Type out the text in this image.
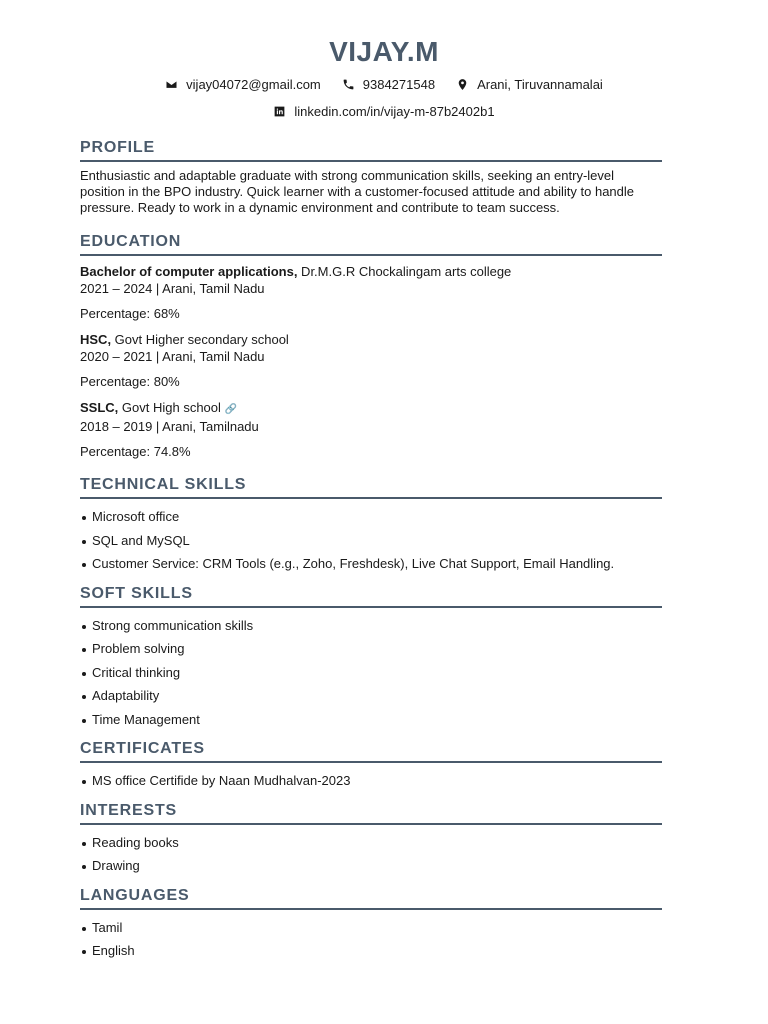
VIJAY.M
vijay04072@gmail.com	9384271548	Arani, Tiruvannamalai
linkedin.com/in/vijay-m-87b2402b1
PROFILE
Enthusiastic and adaptable graduate with strong communication skills, seeking an entry-level position in the BPO industry. Quick learner with a customer-focused attitude and ability to handle pressure. Ready to work in a dynamic environment and contribute to team success.
EDUCATION
Bachelor of computer applications, Dr.M.G.R Chockalingam arts college
2021 – 2024 | Arani, Tamil Nadu
Percentage: 68%
HSC, Govt Higher secondary school
2020 – 2021 | Arani, Tamil Nadu
Percentage: 80%
SSLC, Govt High school 🔗
2018 – 2019 | Arani, Tamilnadu
Percentage: 74.8%
TECHNICAL SKILLS
Microsoft office
SQL and MySQL
Customer Service: CRM Tools (e.g., Zoho, Freshdesk), Live Chat Support, Email Handling.
SOFT SKILLS
Strong communication skills
Problem solving
Critical thinking
Adaptability
Time Management
CERTIFICATES
MS office Certifide by Naan Mudhalvan-2023
INTERESTS
Reading books
Drawing
LANGUAGES
Tamil
English
